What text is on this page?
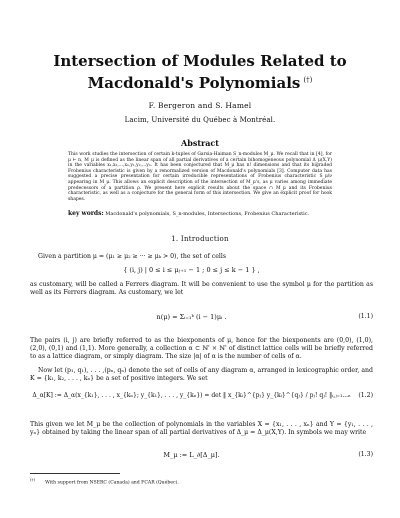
Intersection of Modules Related to
Macdonald's Polynomials (†)
F. Bergeron and S. Hamel
Lacim, Université du Québec à Montréal.
Abstract
This work studies the intersection of certain k-tuples of Garsia-Haiman S_n-modules M_μ. We recall that in [4], for μ ⊢ n, M_μ is defined as the linear span of all partial derivatives of a certain bihomogeneous polynomial Δ_μ(X,Y) in the variables x₁,x₂,...,xₙ,y₁,y₂,...yₙ. It has been conjectured that M_μ has n! dimensions and that its bigraded Frobenius characteristic is given by a renormalized version of Macdonald's polynomials [3]. Computer data has suggested a precise presentation for certain irreducible representations of Frobenius characteristic S_μ/ν appearing in M_μ. This allows an explicit description of the intersection of M_μ's, as μ varies among immediate predecessors of a partition ρ. We present here explicit results about the space ∩ M_μ and its Frobenius characteristic, as well as a conjecture for the general form of this intersection. We give an explicit proof for hook shapes.
key words: Macdonald's polynomials, S_n-modules, Intersections, Frobenius Characteristic.
1. Introduction
Given a partition μ = (μ₁ ≥ μ₂ ≥ ··· ≥ μₖ > 0), the set of cells
{ (i, j) | 0 ≤ i ≤ μⱼ₊₁ − 1 ; 0 ≤ j ≤ k − 1 } ,
as customary, will be called a Ferrers diagram. It will be convenient to use the symbol μ for the partition as well as its Ferrers diagram. As customary, we let
n(μ) = Σᵢ₌₁ᵏ (i − 1)μᵢ .	(1.1)
The pairs (i, j) are briefly referred to as the biexponents of μ, hence for the biexponents are (0,0), (1,0), (2,0), (0,1) and (1,1). More generally, a collection α ⊂ ℕ' × ℕ' of distinct lattice cells will be briefly referred to as a lattice diagram, or simply diagram. The size |α| of α is the number of cells of α.
Now let (p₁, q₁), . . . ,(pₙ, qₙ) denote the set of cells of any diagram α, arranged in lexicographic order, and K = {k₁, k₂, . . . , kₙ} be a set of positive integers. We set
Δ_α[K] := Δ_α(x_{k₁}, . . . , x_{kₙ}; y_{k₁}, . . . , y_{kₙ}) = det ‖ x_{kᵢ}^{pⱼ} y_{kᵢ}^{qⱼ} / pⱼ! qⱼ! ‖ᵢ,ⱼ₌₁...ₙ	(1.2)
This given we let M_μ be the collection of polynomials in the variables X = {x₁, . . . , xₙ} and Y = {y₁, . . . , yₙ} obtained by taking the linear span of all partial derivatives of Δ_μ = Δ_μ(X,Y). In symbols we may write
M_μ := L_∂[Δ_μ].	(1.3)
(†)With support from NSERC (Canada) and FCAR (Québec).
